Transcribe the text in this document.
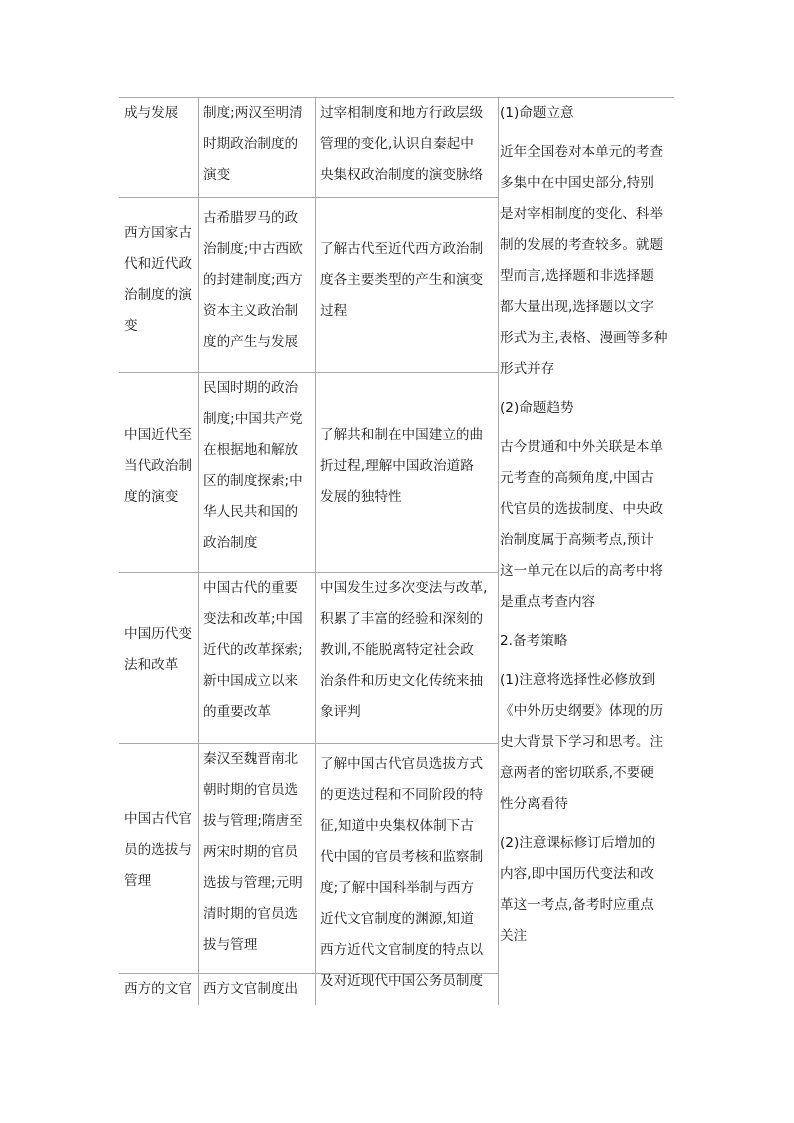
成与发展	制度;两汉至明清
时期政治制度的
演变
过宰相制度和地方行政层级
管理的变化,认识自秦起中
央集权政治制度的演变脉络
西方国家古
代和近代政
治制度的演
变
古希腊罗马的政
治制度;中古西欧
的封建制度;西方
资本主义政治制
度的产生与发展
了解古代至近代西方政治制
度各主要类型的产生和演变
过程
中国近代至
当代政治制
度的演变
民国时期的政治
制度;中国共产党
在根据地和解放
区的制度探索;中
华人民共和国的
政治制度
了解共和制在中国建立的曲
折过程,理解中国政治道路
发展的独特性
中国历代变
法和改革
中国古代的重要
变法和改革;中国
近代的改革探索;
新中国成立以来
的重要改革
中国发生过多次变法与改革,
积累了丰富的经验和深刻的
教训,不能脱离特定社会政
治条件和历史文化传统来抽
象评判
中国古代官
员的选拔与
管理
秦汉至魏晋南北
朝时期的官员选
拔与管理;隋唐至
两宋时期的官员
选拔与管理;元明
清时期的官员选
拔与管理
了解中国古代官员选拔方式
的更迭过程和不同阶段的特
征,知道中央集权体制下古
代中国的官员考核和监察制
度;了解中国科举制与西方
近代文官制度的渊源,知道
西方近代文官制度的特点以
及对近现代中国公务员制度
西方的文官 西方文官制度出
(1)命题立意
近年全国卷对本单元的考查
多集中在中国史部分,特别
是对宰相制度的变化、科举
制的发展的考查较多。就题
型而言,选择题和非选择题
都大量出现,选择题以文字
形式为主,表格、漫画等多种
形式并存
(2)命题趋势
古今贯通和中外关联是本单
元考查的高频角度,中国古
代官员的选拔制度、中央政
治制度属于高频考点,预计
这一单元在以后的高考中将
是重点考查内容
2.备考策略
(1)注意将选择性必修放到
《中外历史纲要》体现的历
史大背景下学习和思考。注
意两者的密切联系,不要硬
性分离看待
(2)注意课标修订后增加的
内容,即中国历代变法和改
革这一考点,备考时应重点
关注
